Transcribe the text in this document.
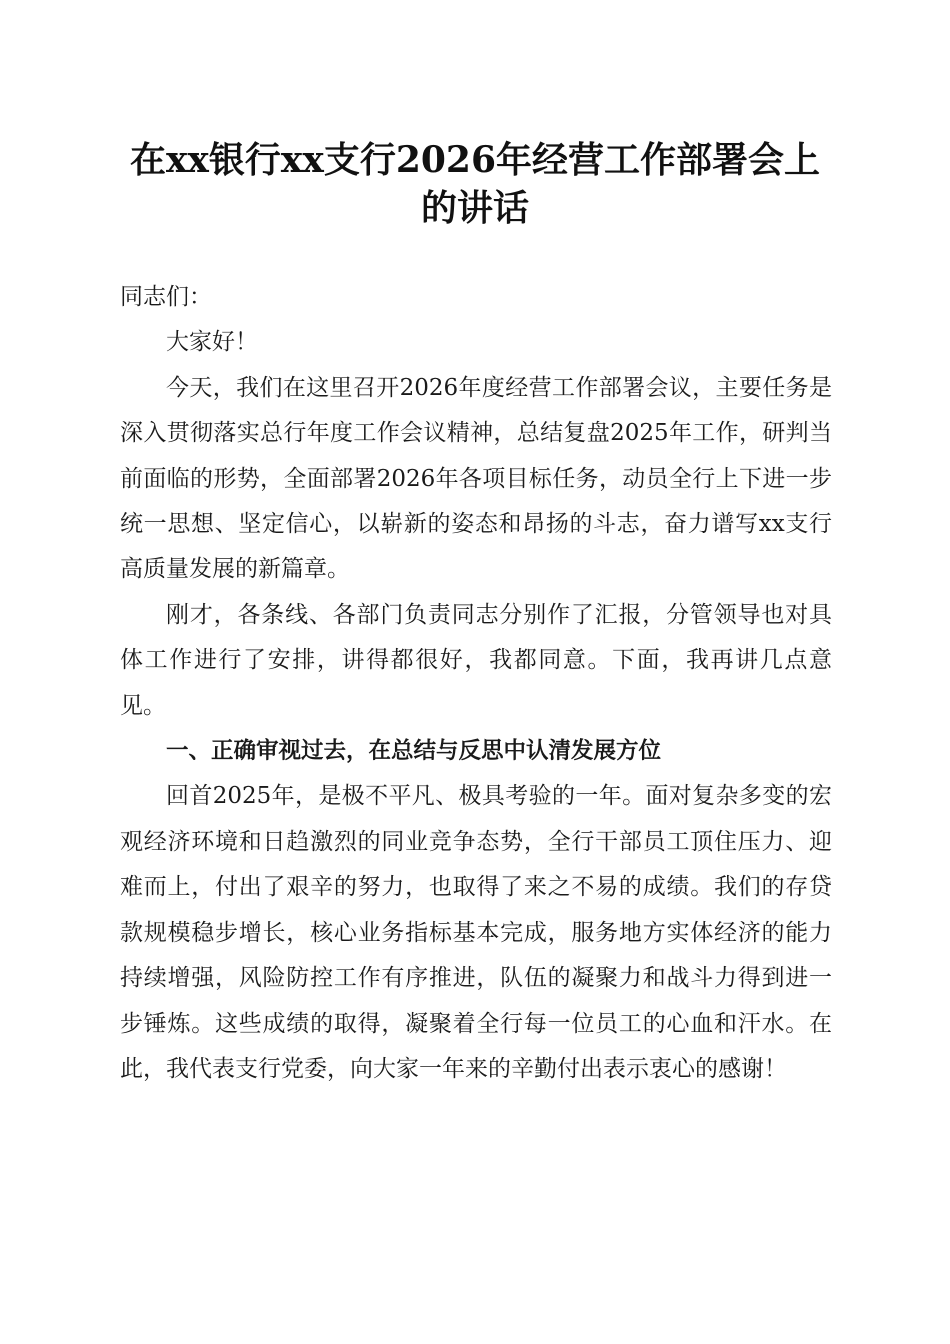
在xx银行xx支行2026年经营工作部署会上
的讲话

同志们：

大家好！

今天，我们在这里召开2026年度经营工作部署会议，主要任务是深入贯彻落实总行年度工作会议精神，总结复盘2025年工作，研判当前面临的形势，全面部署2026年各项目标任务，动员全行上下进一步统一思想、坚定信心，以崭新的姿态和昂扬的斗志，奋力谱写xx支行高质量发展的新篇章。

刚才，各条线、各部门负责同志分别作了汇报，分管领导也对具体工作进行了安排，讲得都很好，我都同意。下面，我再讲几点意见。

一、正确审视过去，在总结与反思中认清发展方位

回首2025年，是极不平凡、极具考验的一年。面对复杂多变的宏观经济环境和日趋激烈的同业竞争态势，全行干部员工顶住压力、迎难而上，付出了艰辛的努力，也取得了来之不易的成绩。我们的存贷款规模稳步增长，核心业务指标基本完成，服务地方实体经济的能力持续增强，风险防控工作有序推进，队伍的凝聚力和战斗力得到进一步锤炼。这些成绩的取得，凝聚着全行每一位员工的心血和汗水。在此，我代表支行党委，向大家一年来的辛勤付出表示衷心的感谢！
